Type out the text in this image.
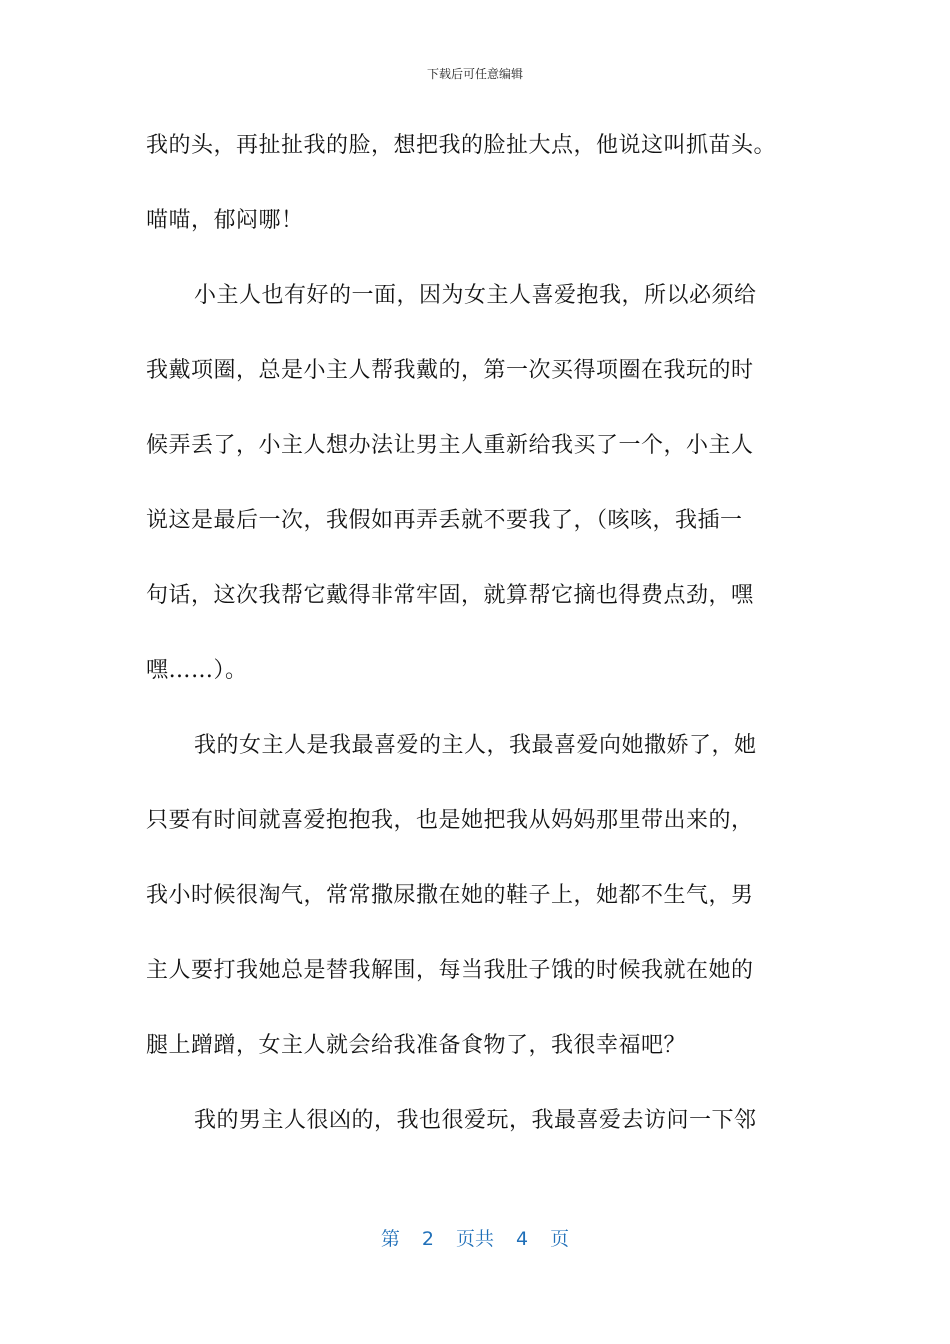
下载后可任意编辑
我的头，再扯扯我的脸，想把我的脸扯大点，他说这叫抓苗头。
喵喵，郁闷哪！
小主人也有好的一面，因为女主人喜爱抱我，所以必须给
我戴项圈，总是小主人帮我戴的，第一次买得项圈在我玩的时
候弄丢了，小主人想办法让男主人重新给我买了一个，小主人
说这是最后一次，我假如再弄丢就不要我了，（咳咳，我插一
句话，这次我帮它戴得非常牢固，就算帮它摘也得费点劲，嘿
嘿……）。
我的女主人是我最喜爱的主人，我最喜爱向她撒娇了，她
只要有时间就喜爱抱抱我，也是她把我从妈妈那里带出来的，
我小时候很淘气，常常撒尿撒在她的鞋子上，她都不生气，男
主人要打我她总是替我解围，每当我肚子饿的时候我就在她的
腿上蹭蹭，女主人就会给我准备食物了，我很幸福吧？
我的男主人很凶的，我也很爱玩，我最喜爱去访问一下邻
第 2 页共 4 页
